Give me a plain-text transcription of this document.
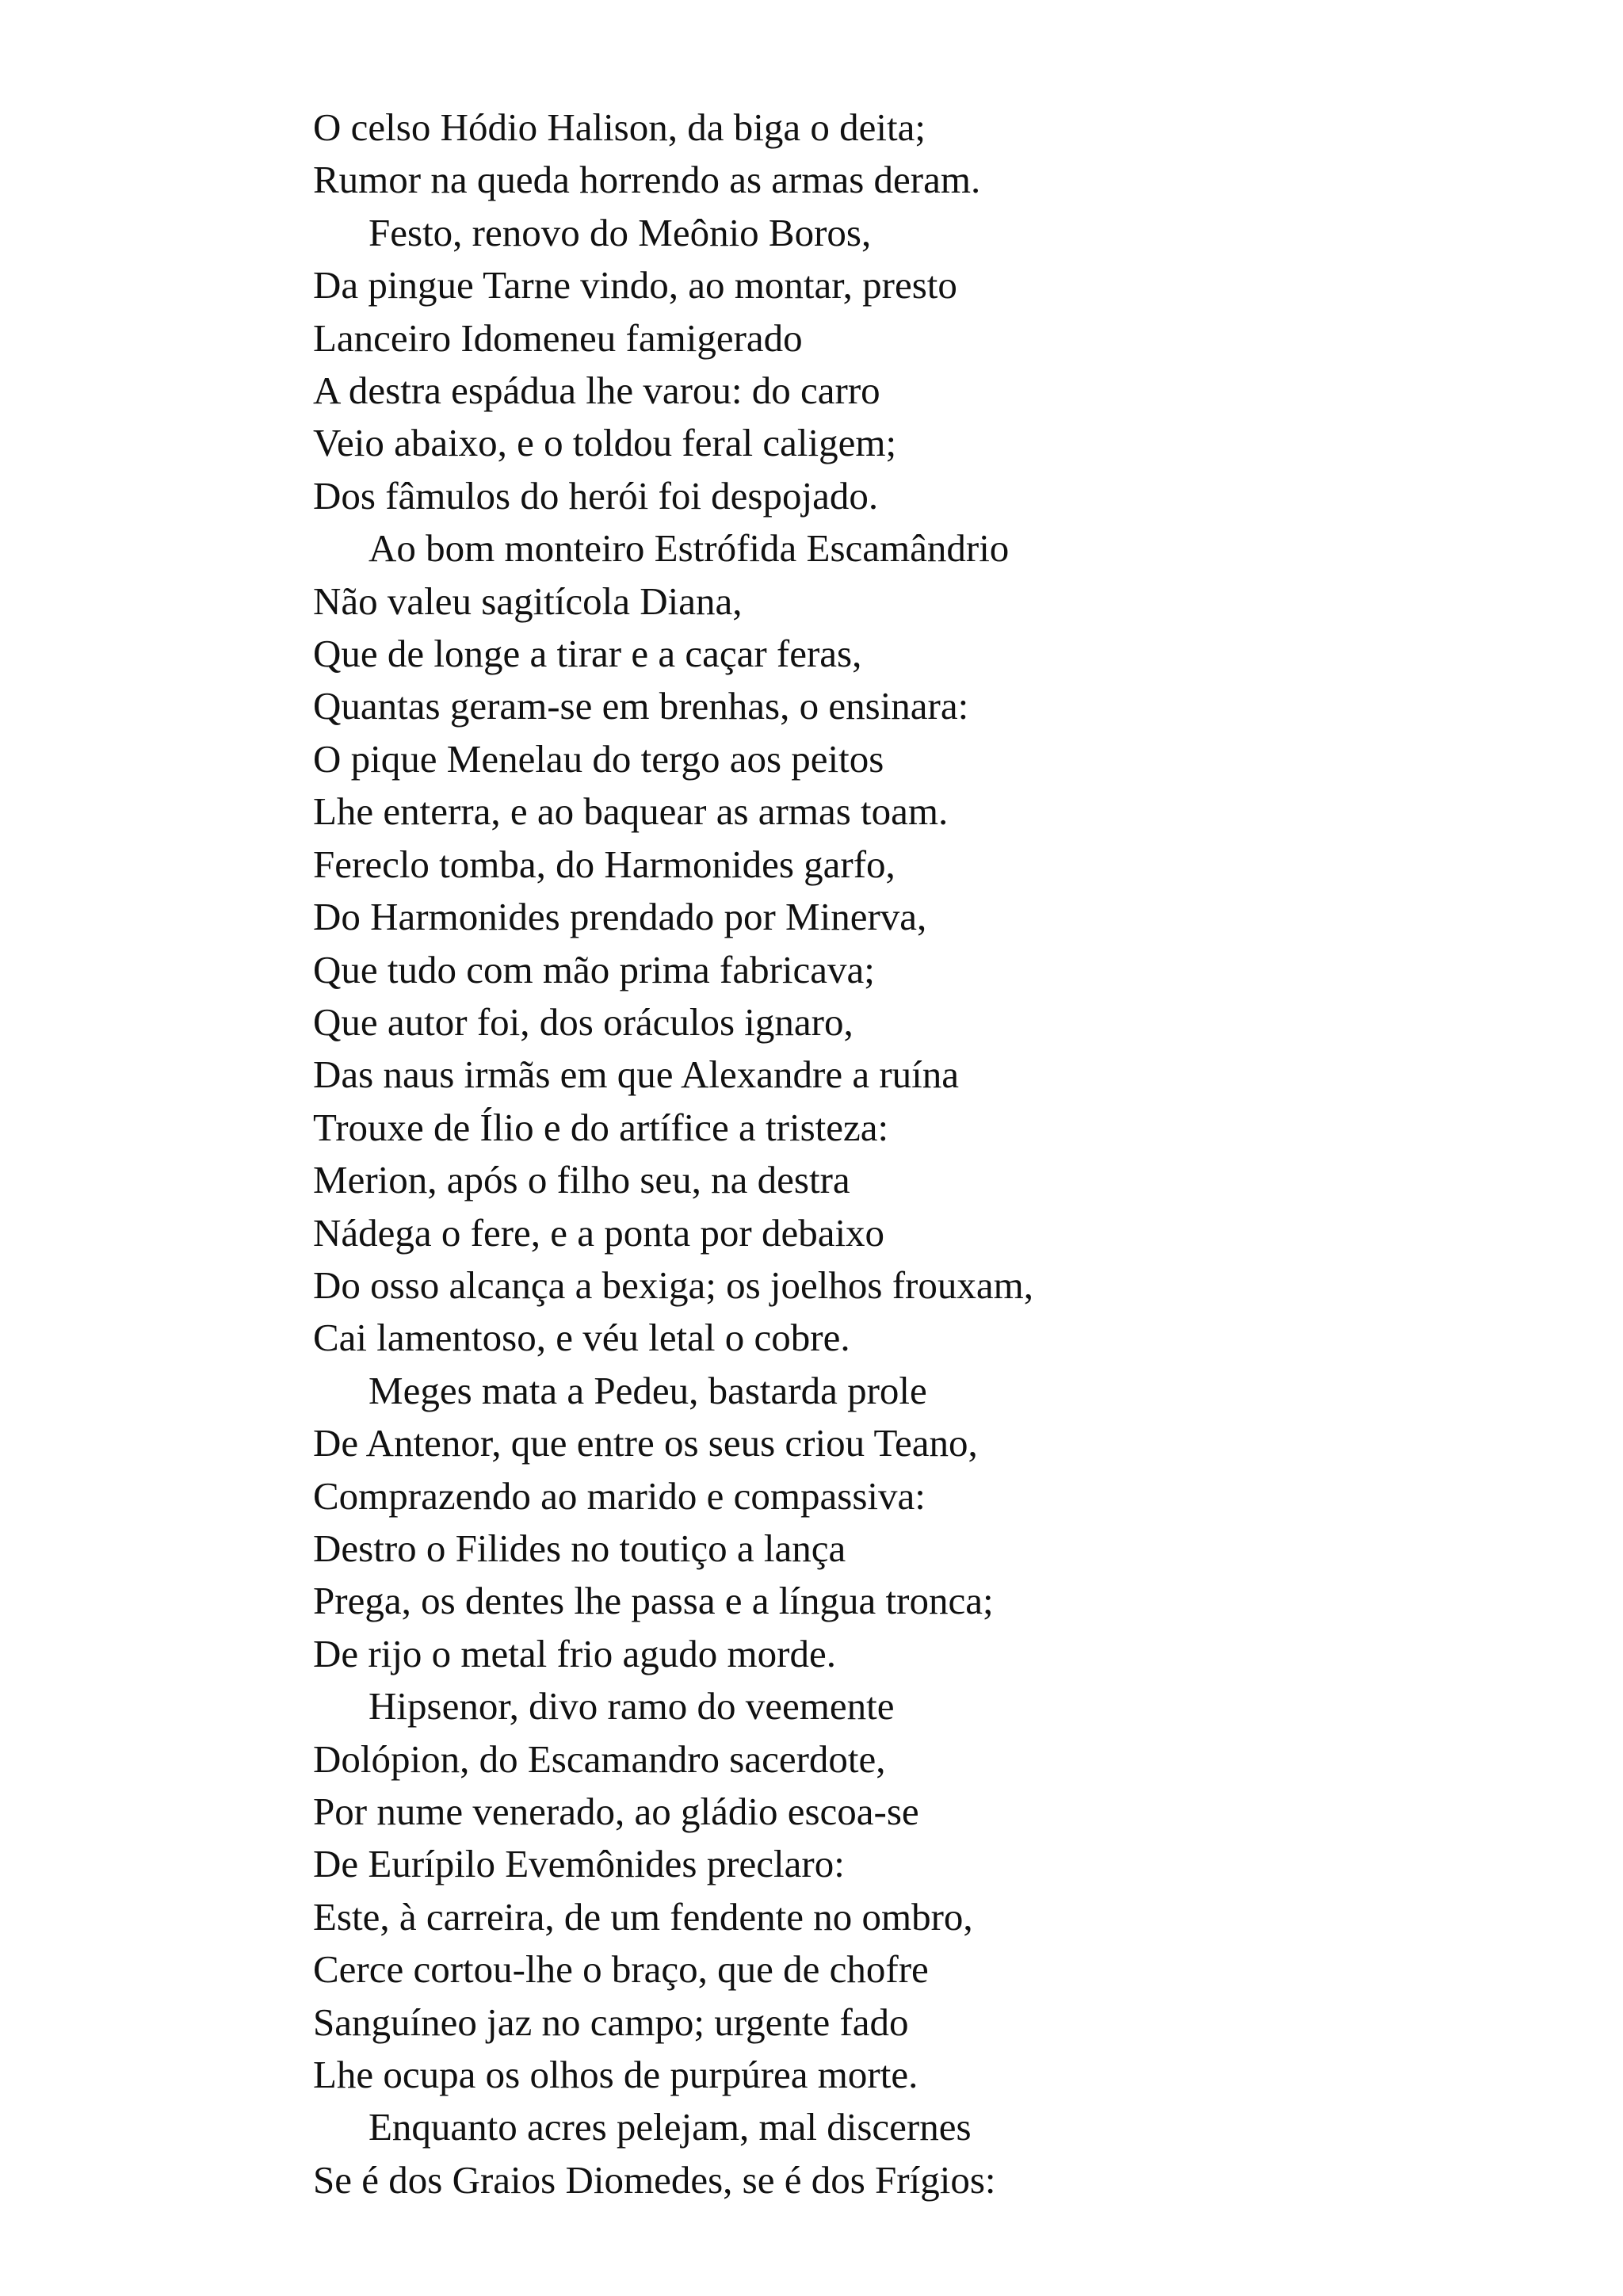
O celso Hódio Halison, da biga o deita;
Rumor na queda horrendo as armas deram.
Festo, renovo do Meônio Boros,
Da pingue Tarne vindo, ao montar, presto
Lanceiro Idomeneu famigerado
A destra espádua lhe varou: do carro
Veio abaixo, e o toldou feral caligem;
Dos fâmulos do herói foi despojado.
Ao bom monteiro Estrófida Escamândrio
Não valeu sagitícola Diana,
Que de longe a tirar e a caçar feras,
Quantas geram-se em brenhas, o ensinara:
O pique Menelau do tergo aos peitos
Lhe enterra, e ao baquear as armas toam.
Fereclo tomba, do Harmonides garfo,
Do Harmonides prendado por Minerva,
Que tudo com mão prima fabricava;
Que autor foi, dos oráculos ignaro,
Das naus irmãs em que Alexandre a ruína
Trouxe de Ílio e do artífice a tristeza:
Merion, após o filho seu, na destra
Nádega o fere, e a ponta por debaixo
Do osso alcança a bexiga; os joelhos frouxam,
Cai lamentoso, e véu letal o cobre.
Meges mata a Pedeu, bastarda prole
De Antenor, que entre os seus criou Teano,
Comprazendo ao marido e compassiva:
Destro o Filides no toutiço a lança
Prega, os dentes lhe passa e a língua tronca;
De rijo o metal frio agudo morde.
Hipsenor, divo ramo do veemente
Dolópion, do Escamandro sacerdote,
Por nume venerado, ao gládio escoa-se
De Eurípilo Evemônides preclaro:
Este, à carreira, de um fendente no ombro,
Cerce cortou-lhe o braço, que de chofre
Sanguíneo jaz no campo; urgente fado
Lhe ocupa os olhos de purpúrea morte.
Enquanto acres pelejam, mal discernes
Se é dos Graios Diomedes, se é dos Frígios:
